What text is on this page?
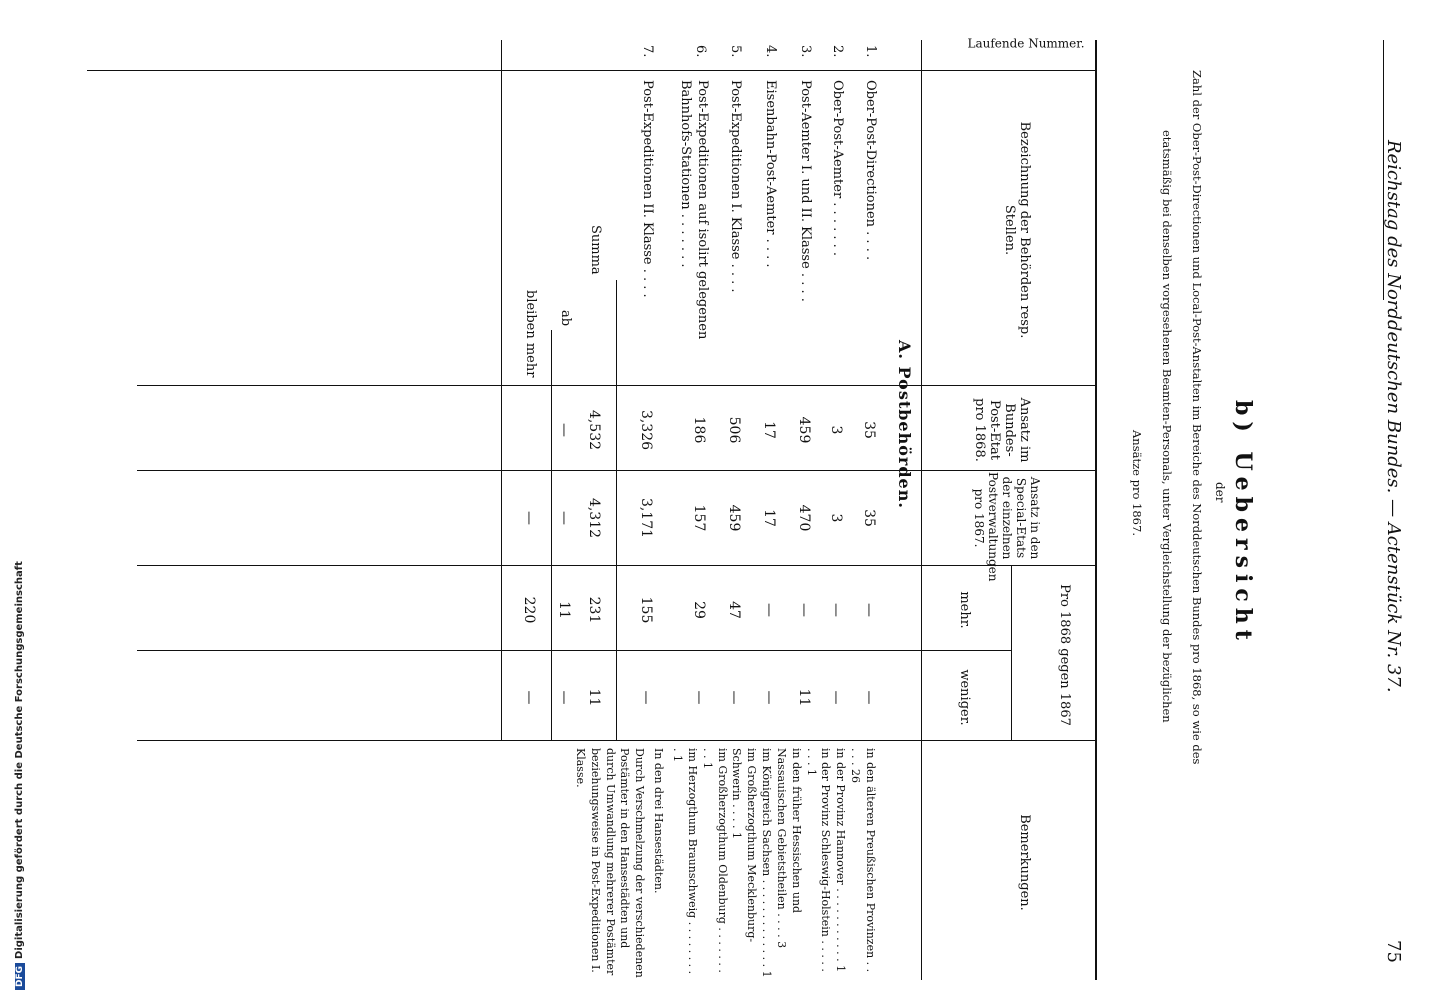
Reichstag des Norddeutschen Bundes. — Actenstück Nr. 37.
75
b) Uebersicht
der
Zahl der Ober-Post-Directionen und Local-Post-Anstalten im Bereiche des Norddeutschen Bundes pro 1868, so wie des
etatsmäßig bei denselben vorgesehenen Beamten-Personals, unter Vergleichstellung der bezüglichen
Ansätze pro 1867.
Laufende Nummer.
Bezeichnung der Behörden resp. Stellen.
Ansatz im Bundes-Post-Etat pro 1868.
Ansatz in den Special-Etats der einzelnen Postverwaltungen pro 1867.
Pro 1868 gegen 1867
mehr.
weniger.
Bemerkungen.
A. Postbehörden.
1.
Ober-Post-Directionen . . . .
35
35
—
—
2.
Ober-Post-Aemter . . . . . . .
3
3
—
—
3.
Post-Aemter I. und II. Klasse . . . .
459
470
—
11
4.
Eisenbahn-Post-Aemter . . . .
17
17
—
—
5.
Post-Expeditionen I. Klasse . . . .
506
459
47
—
6.
Post-Expeditionen auf isolirt gelegenen Bahnhofs-Stationen . . . . . . .
186
157
29
—
7.
Post-Expeditionen II. Klasse . . . .
3,326
3,171
155
—
Summa
4,532
4,312
231
11
ab
—
—
11
—
bleiben mehr
—
220
—
in den älteren Preußischen Provinzen . . . . . 26
in der Provinz Hannover . . . . . . . . . . . 1
in der Provinz Schleswig-Holstein . . . . . . . . 1
in den früher Hessischen und Nassauischen Gebietstheilen . . . . 3
im Königreich Sachsen . . . . . . . . . . . . . 1
im Großherzogthum Mecklenburg-Schwerin . . . . 1
im Großherzogthum Oldenburg . . . . . . . . . 1
im Herzogthum Braunschweig . . . . . . . . . 1
In den drei Hansestädten.
Durch Verschmelzung der verschiedenen Postämter in den Hansestädten und durch Umwandlung mehrerer Postämter beziehungsweise in Post-Expeditionen I. Klasse.
DFGDigitalisierung gefördert durch die Deutsche Forschungsgemeinschaft
